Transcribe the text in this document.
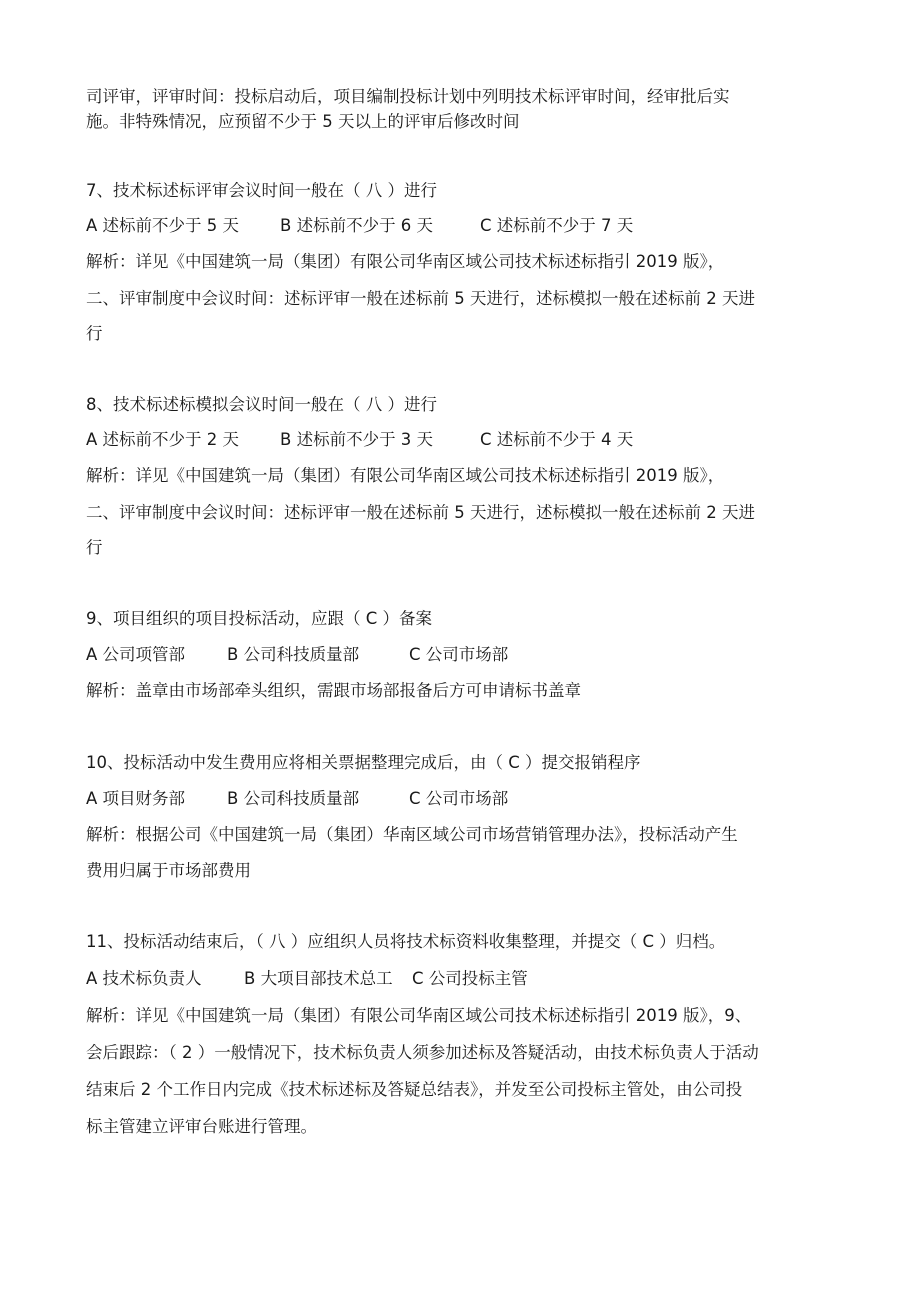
司评审，评审时间：投标启动后，项目编制投标计划中列明技术标评审时间，经审批后实

施。非特殊情况，应预留不少于 5 天以上的评审后修改时间

7、技术标述标评审会议时间一般在（ 八 ）进行

A 述标前不少于 5 天 B 述标前不少于 6 天	C 述标前不少于 7 天

解析：详见《中国建筑一局（集团）有限公司华南区域公司技术标述标指引 2019 版》，

二、评审制度中会议时间：述标评审一般在述标前 5 天进行，述标模拟一般在述标前 2 天进

行

8、技术标述标模拟会议时间一般在（ 八 ）进行

A 述标前不少于 2 天 B 述标前不少于 3 天	C 述标前不少于 4 天

解析：详见《中国建筑一局（集团）有限公司华南区域公司技术标述标指引 2019 版》，

二、评审制度中会议时间：述标评审一般在述标前 5 天进行，述标模拟一般在述标前 2 天进

行

9、项目组织的项目投标活动，应跟（ C ）备案

A 公司项管部	B 公司科技质量部	C 公司市场部

解析：盖章由市场部牵头组织，需跟市场部报备后方可申请标书盖章

10、投标活动中发生费用应将相关票据整理完成后，由（ C ）提交报销程序

A 项目财务部	B 公司科技质量部	C 公司市场部

解析：根据公司《中国建筑一局（集团）华南区域公司市场营销管理办法》，投标活动产生

费用归属于市场部费用

11、投标活动结束后，（ 八 ）应组织人员将技术标资料收集整理，并提交（ C ）归档。

A 技术标负责人	B 大项目部技术总工 C 公司投标主管

解析：详见《中国建筑一局（集团）有限公司华南区域公司技术标述标指引 2019 版》，9、

会后跟踪：（ 2 ）一般情况下，技术标负责人须参加述标及答疑活动，由技术标负责人于活动

结束后 2 个工作日内完成《技术标述标及答疑总结表》，并发至公司投标主管处，由公司投

标主管建立评审台账进行管理。
